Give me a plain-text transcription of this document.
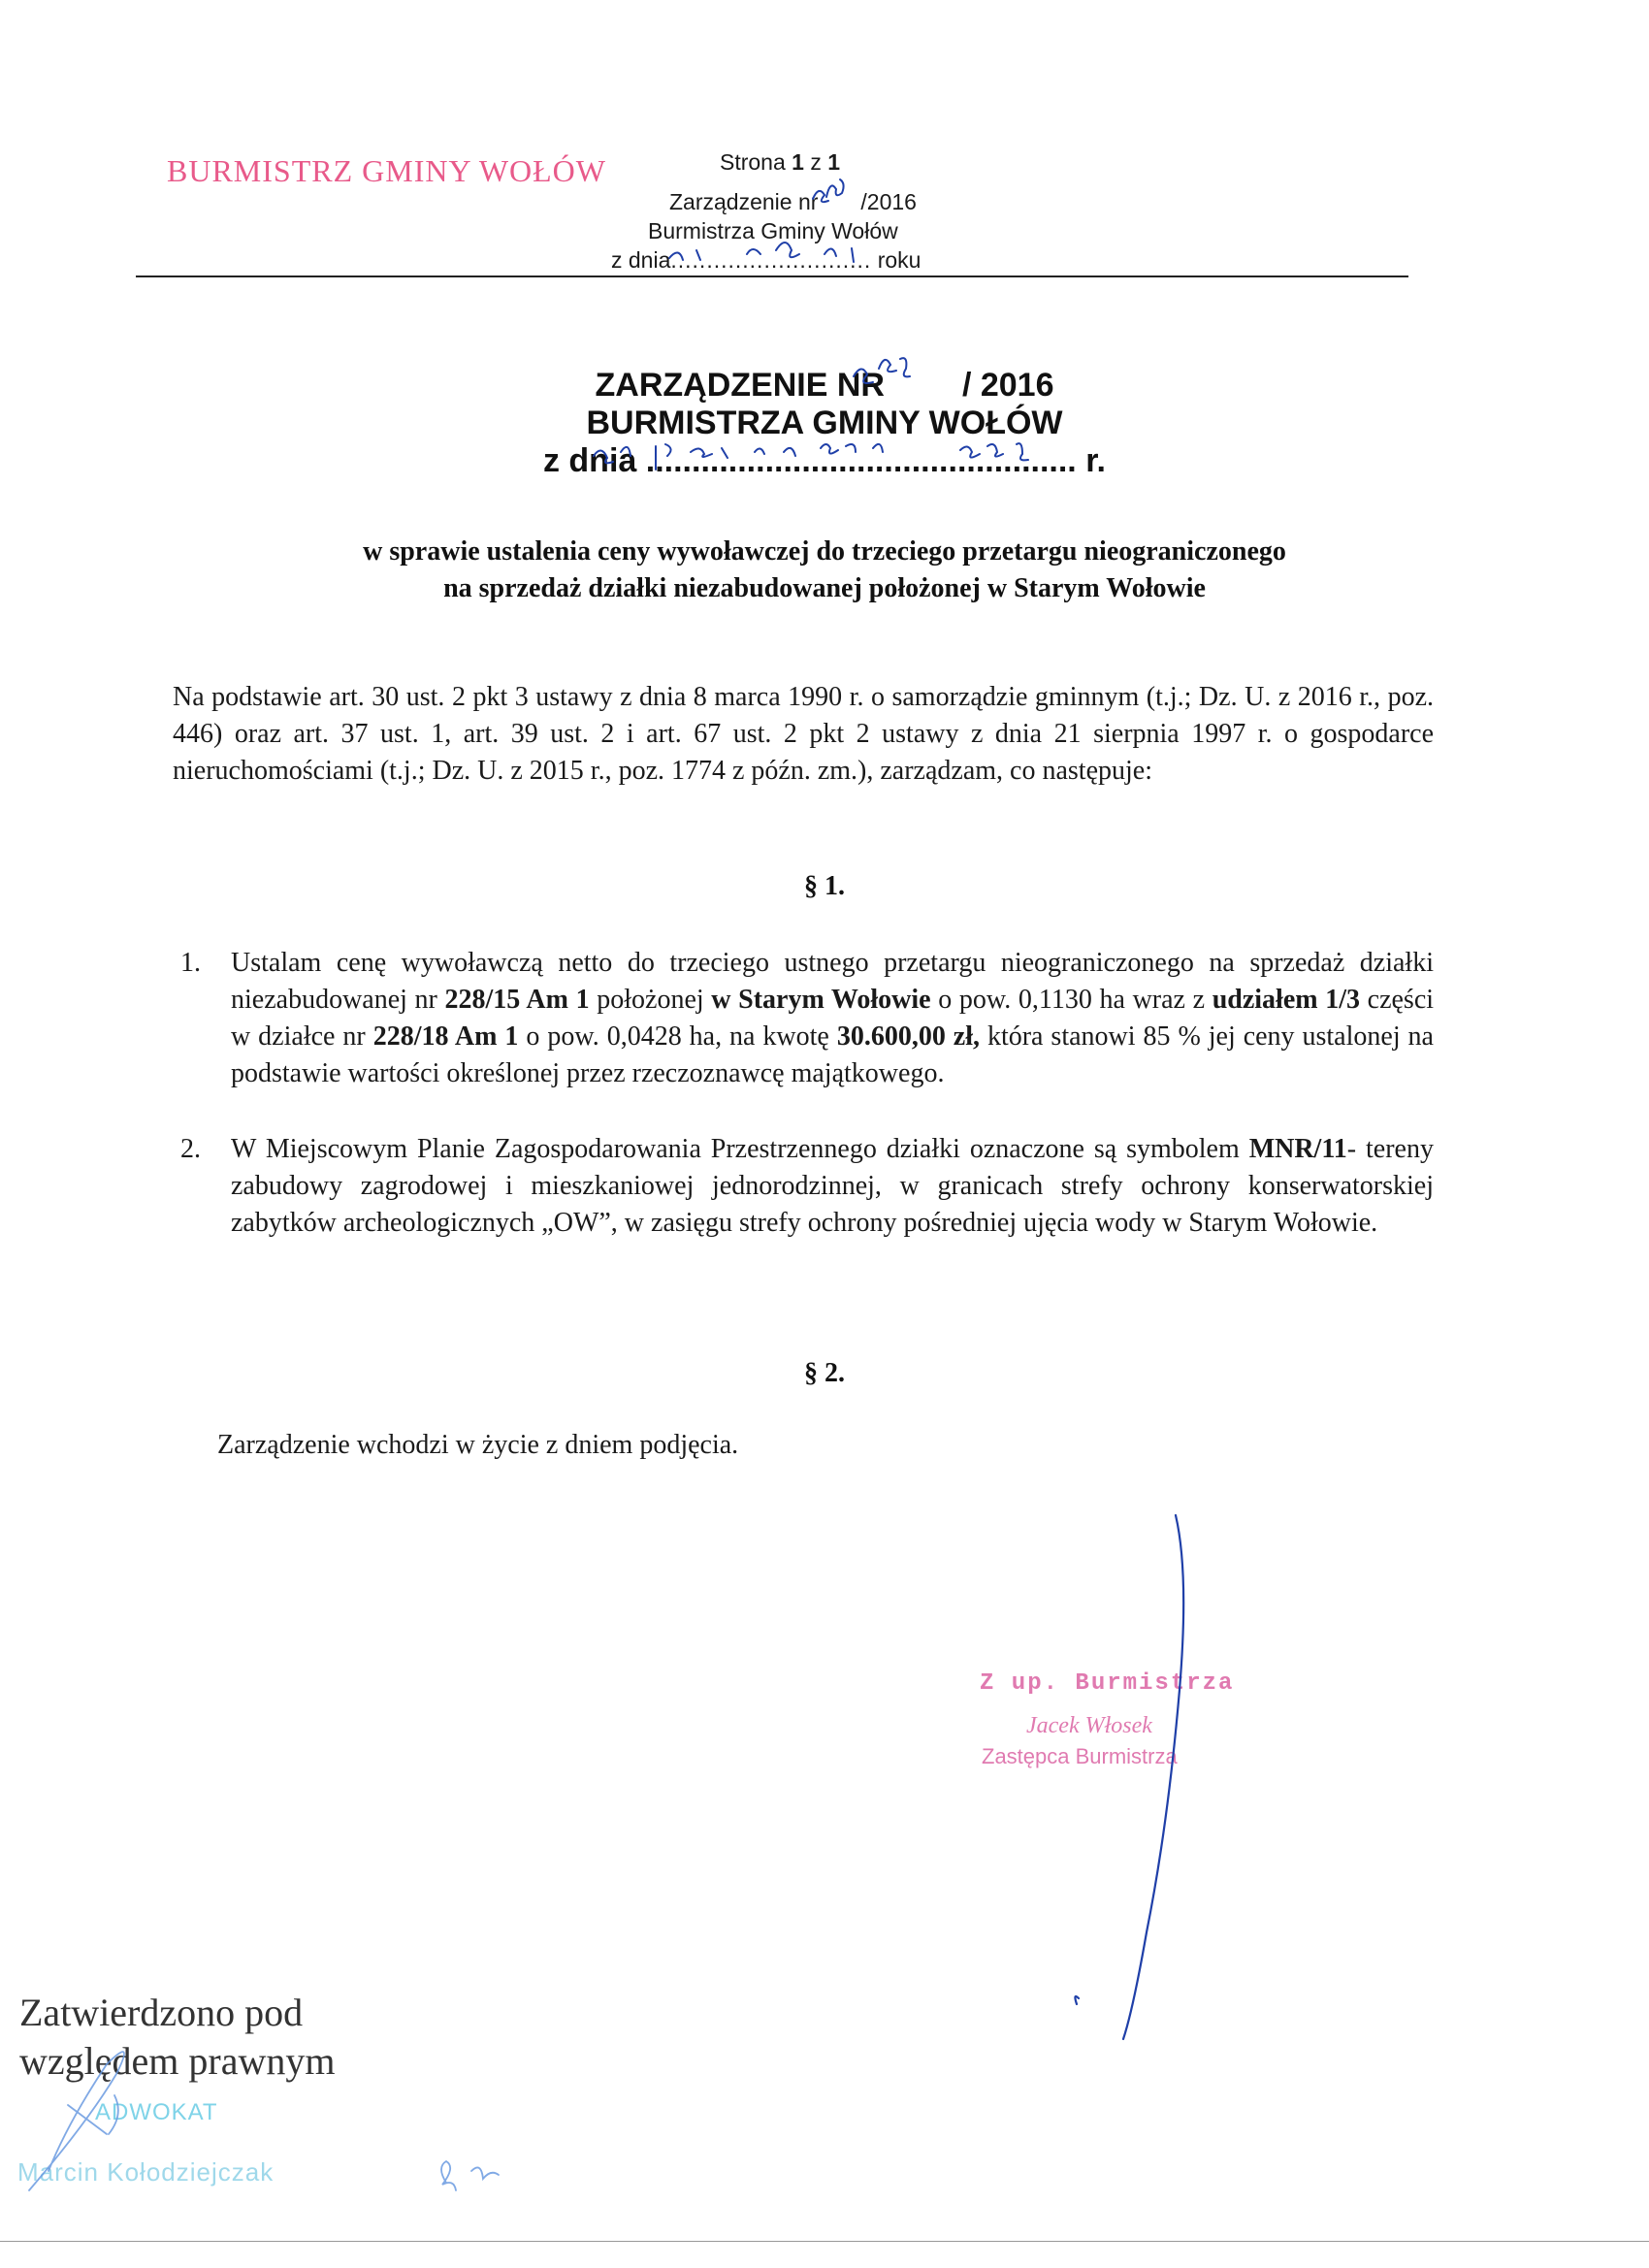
BURMISTRZ GMINY WOŁÓW	Strona 1 z 1
Zarządzenie nr /2016
Burmistrza Gminy Wołów
z dnia............................ roku
ZARZĄDZENIE NR / 2016
BURMISTRZA GMINY WOŁÓW
z dnia ............................................... r.
w sprawie ustalenia ceny wywoławczej do trzeciego przetargu nieograniczonego
na sprzedaż działki niezabudowanej położonej w Starym Wołowie
Na podstawie art. 30 ust. 2 pkt 3 ustawy z dnia 8 marca 1990 r. o samorządzie gminnym (t.j.; Dz. U. z 2016 r., poz. 446) oraz art. 37 ust. 1, art. 39 ust. 2 i art. 67 ust. 2 pkt 2 ustawy z dnia 21 sierpnia 1997 r. o gospodarce nieruchomościami (t.j.; Dz. U. z 2015 r., poz. 1774 z późn. zm.), zarządzam, co następuje:
§ 1.
1.	Ustalam cenę wywoławczą netto do trzeciego ustnego przetargu nieograniczonego na sprzedaż działki niezabudowanej nr 228/15 Am 1 położonej w Starym Wołowie o pow. 0,1130 ha wraz z udziałem 1/3 części w działce nr 228/18 Am 1 o pow. 0,0428 ha, na kwotę 30.600,00 zł, która stanowi 85 % jej ceny ustalonej na podstawie wartości określonej przez rzeczoznawcę majątkowego.
2.	W Miejscowym Planie Zagospodarowania Przestrzennego działki oznaczone są symbolem MNR/11- tereny zabudowy zagrodowej i mieszkaniowej jednorodzinnej, w granicach strefy ochrony konserwatorskiej zabytków archeologicznych „OW”, w zasięgu strefy ochrony pośredniej ujęcia wody w Starym Wołowie.
§ 2.
Zarządzenie wchodzi w życie z dniem podjęcia.
Z up. Burmistrza
Jacek Włosek
Zastępca Burmistrza
Zatwierdzono pod
względem prawnym
ADWOKAT
Marcin Kołodziejczak
